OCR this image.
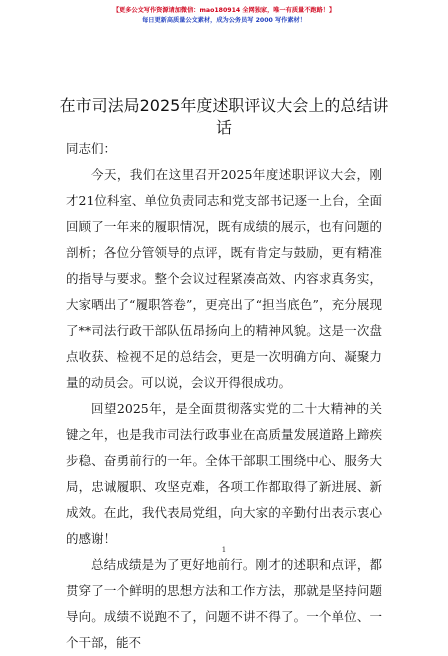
【更多公文写作资源请加微信：mao180914 全网独家，唯一有质量不跑路！】
每日更新高质量公文素材，成为公务员写 2000 写作素材！
在市司法局2025年度述职评议大会上的总结讲话

同志们：

今天，我们在这里召开2025年度述职评议大会，刚才21位科室、单位负责同志和党支部书记逐一上台，全面回顾了一年来的履职情况，既有成绩的展示，也有问题的剖析；各位分管领导的点评，既有肯定与鼓励，更有精准的指导与要求。整个会议过程紧凑高效、内容求真务实，大家晒出了“履职答卷”，更亮出了“担当底色”，充分展现了**司法行政干部队伍昂扬向上的精神风貌。这是一次盘点收获、检视不足的总结会，更是一次明确方向、凝聚力量的动员会。可以说，会议开得很成功。

回望2025年，是全面贯彻落实党的二十大精神的关键之年，也是我市司法行政事业在高质量发展道路上蹄疾步稳、奋勇前行的一年。全体干部职工围绕中心、服务大局，忠诚履职、攻坚克难，各项工作都取得了新进展、新成效。在此，我代表局党组，向大家的辛勤付出表示衷心的感谢！

总结成绩是为了更好地前行。刚才的述职和点评，都贯穿了一个鲜明的思想方法和工作方法，那就是坚持问题导向。成绩不说跑不了，问题不讲不得了。一个单位、一个干部，能不

1
